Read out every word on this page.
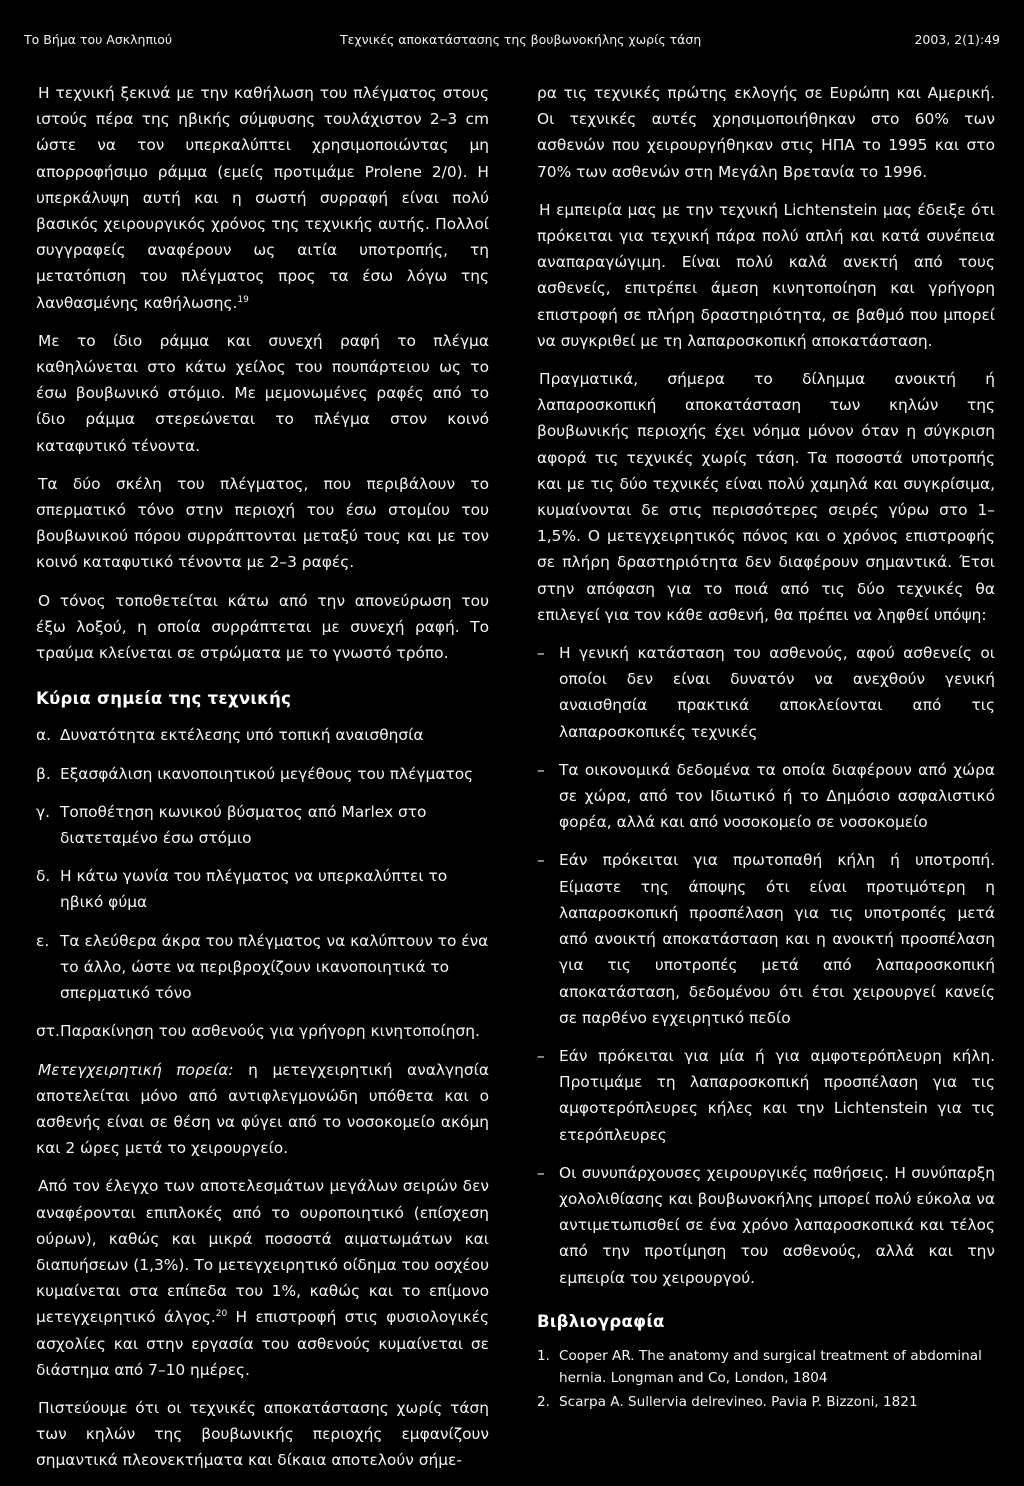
Το Βήμα του Ασκληπιού	Τεχνικές αποκατάστασης της βουβωνοκήλης χωρίς τάση	2003, 2(1):49

Η τεχνική ξεκινά με την καθήλωση του πλέγματος στους ιστούς πέρα της ηβικής σύμφυσης τουλάχιστον 2–3 cm ώστε να τον υπερκαλύπτει χρησιμοποιώντας μη απορροφήσιμο ράμμα (εμείς προτιμάμε Prolene 2/0). Η υπερκάλυψη αυτή και η σωστή συρραφή είναι πολύ βασικός χειρουργικός χρόνος της τεχνικής αυτής. Πολλοί συγγραφείς αναφέρουν ως αιτία υποτροπής, τη μετατόπιση του πλέγματος προς τα έσω λόγω της λανθασμένης καθήλωσης.$^{19}$

Με το ίδιο ράμμα και συνεχή ραφή το πλέγμα καθηλώνεται στο κάτω χείλος του πουπάρτειου ως το έσω βουβωνικό στόμιο. Με μεμονωμένες ραφές από το ίδιο ράμμα στερεώνεται το πλέγμα στον κοινό καταφυτικό τένοντα.

Τα δύο σκέλη του πλέγματος, που περιβάλουν το σπερματικό τόνο στην περιοχή του έσω στομίου του βουβωνικού πόρου συρράπτονται μεταξύ τους και με τον κοινό καταφυτικό τένοντα με 2–3 ραφές.

Ο τόνος τοποθετείται κάτω από την απονεύρωση του έξω λοξού, η οποία συρράπτεται με συνεχή ραφή. Το τραύμα κλείνεται σε στρώματα με το γνωστό τρόπο.

Κύρια σημεία της τεχνικής
α. Δυνατότητα εκτέλεσης υπό τοπική αναισθησία
β. Εξασφάλιση ικανοποιητικού μεγέθους του πλέγματος
γ. Τοποθέτηση κωνικού βύσματος από Marlex στο διατεταμένο έσω στόμιο
δ. Η κάτω γωνία του πλέγματος να υπερκαλύπτει το ηβικό φύμα
ε. Τα ελεύθερα άκρα του πλέγματος να καλύπτουν το ένα το άλλο, ώστε να περιβροχίζουν ικανοποιητικά το σπερματικό τόνο
στ. Παρακίνηση του ασθενούς για γρήγορη κινητοποίηση.

Μετεγχειρητική πορεία: η μετεγχειρητική αναλγησία αποτελείται μόνο από αντιφλεγμονώδη υπόθετα και ο ασθενής είναι σε θέση να φύγει από το νοσοκομείο ακόμη και 2 ώρες μετά το χειρουργείο.

Από τον έλεγχο των αποτελεσμάτων μεγάλων σειρών δεν αναφέρονται επιπλοκές από το ουροποιητικό (επίσχεση ούρων), καθώς και μικρά ποσοστά αιματωμάτων και διαπυήσεων (1,3%). Το μετεγχειρητικό οίδημα του οσχέου κυμαίνεται στα επίπεδα του 1%, καθώς και το επίμονο μετεγχειρητικό άλγος.$^{20}$ Η επιστροφή στις φυσιολογικές ασχολίες και στην εργασία του ασθενούς κυμαίνεται σε διάστημα από 7–10 ημέρες.

Πιστεύουμε ότι οι τεχνικές αποκατάστασης χωρίς τάση των κηλών της βουβωνικής περιοχής εμφανίζουν σημαντικά πλεονεκτήματα και δίκαια αποτελούν σήμε-

ρα τις τεχνικές πρώτης εκλογής σε Ευρώπη και Αμερική. Οι τεχνικές αυτές χρησιμοποιήθηκαν στο 60% των ασθενών που χειρουργήθηκαν στις ΗΠΑ το 1995 και στο 70% των ασθενών στη Μεγάλη Βρετανία το 1996.

Η εμπειρία μας με την τεχνική Lichtenstein μας έδειξε ότι πρόκειται για τεχνική πάρα πολύ απλή και κατά συνέπεια αναπαραγώγιμη. Είναι πολύ καλά ανεκτή από τους ασθενείς, επιτρέπει άμεση κινητοποίηση και γρήγορη επιστροφή σε πλήρη δραστηριότητα, σε βαθμό που μπορεί να συγκριθεί με τη λαπαροσκοπική αποκατάσταση.

Πραγματικά, σήμερα το δίλημμα ανοικτή ή λαπαροσκοπική αποκατάσταση των κηλών της βουβωνικής περιοχής έχει νόημα μόνον όταν η σύγκριση αφορά τις τεχνικές χωρίς τάση. Τα ποσοστά υποτροπής και με τις δύο τεχνικές είναι πολύ χαμηλά και συγκρίσιμα, κυμαίνονται δε στις περισσότερες σειρές γύρω στο 1–1,5%. Ο μετεγχειρητικός πόνος και ο χρόνος επιστροφής σε πλήρη δραστηριότητα δεν διαφέρουν σημαντικά. Έτσι στην απόφαση για το ποιά από τις δύο τεχνικές θα επιλεγεί για τον κάθε ασθενή, θα πρέπει να ληφθεί υπόψη:

– Η γενική κατάσταση του ασθενούς, αφού ασθενείς οι οποίοι δεν είναι δυνατόν να ανεχθούν γενική αναισθησία πρακτικά αποκλείονται από τις λαπαροσκοπικές τεχνικές
– Τα οικονομικά δεδομένα τα οποία διαφέρουν από χώρα σε χώρα, από τον Ιδιωτικό ή το Δημόσιο ασφαλιστικό φορέα, αλλά και από νοσοκομείο σε νοσοκομείο
– Εάν πρόκειται για πρωτοπαθή κήλη ή υποτροπή. Είμαστε της άποψης ότι είναι προτιμότερη η λαπαροσκοπική προσπέλαση για τις υποτροπές μετά από ανοικτή αποκατάσταση και η ανοικτή προσπέλαση για τις υποτροπές μετά από λαπαροσκοπική αποκατάσταση, δεδομένου ότι έτσι χειρουργεί κανείς σε παρθένο εγχειρητικό πεδίο
– Εάν πρόκειται για μία ή για αμφοτερόπλευρη κήλη. Προτιμάμε τη λαπαροσκοπική προσπέλαση για τις αμφοτερόπλευρες κήλες και την Lichtenstein για τις ετερόπλευρες
– Οι συνυπάρχουσες χειρουργικές παθήσεις. Η συνύπαρξη χολολιθίασης και βουβωνοκήλης μπορεί πολύ εύκολα να αντιμετωπισθεί σε ένα χρόνο λαπαροσκοπικά και τέλος από την προτίμηση του ασθενούς, αλλά και την εμπειρία του χειρουργού.
Βιβλιογραφία
1. Cooper AR. The anatomy and surgical treatment of abdominal hernia. Longman and Co, London, 1804
2. Scarpa A. Sullervia delrevineo. Pavia P. Bizzoni, 1821
